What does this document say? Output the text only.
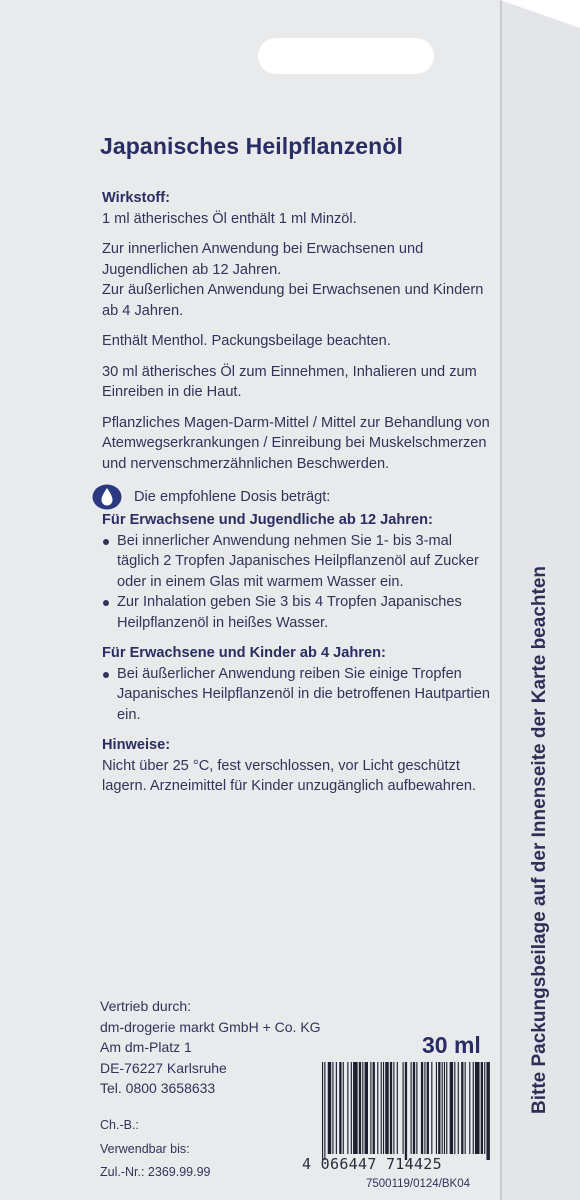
Bitte Packungsbeilage auf der Innenseite der Karte beachten
Japanisches Heilpflanzenöl

Wirkstoff:
1 ml ätherisches Öl enthält 1 ml Minzöl.

Zur innerlichen Anwendung bei Erwachsenen und Jugendlichen ab 12 Jahren.
Zur äußerlichen Anwendung bei Erwachsenen und Kindern ab 4 Jahren.

Enthält Menthol. Packungsbeilage beachten.

30 ml ätherisches Öl zum Einnehmen, Inhalieren und zum Einreiben in die Haut.

Pflanzliches Magen-Darm-Mittel / Mittel zur Behandlung von Atemwegserkrankungen / Einreibung bei Muskelschmerzen und nervenschmerzähnlichen Beschwerden.

Die empfohlene Dosis beträgt:
Für Erwachsene und Jugendliche ab 12 Jahren:
Bei innerlicher Anwendung nehmen Sie 1- bis 3-mal täglich 2 Tropfen Japanisches Heilpflanzenöl auf Zucker oder in einem Glas mit warmem Wasser ein.
Zur Inhalation geben Sie 3 bis 4 Tropfen Japanisches Heilpflanzenöl in heißes Wasser.
Für Erwachsene und Kinder ab 4 Jahren:
Bei äußerlicher Anwendung reiben Sie einige Tropfen Japanisches Heilpflanzenöl in die betroffenen Hautpartien ein.

Hinweise:
Nicht über 25 °C, fest verschlossen, vor Licht geschützt lagern. Arzneimittel für Kinder unzugänglich aufbewahren.

Vertrieb durch:
dm-drogerie markt GmbH + Co. KG
Am dm-Platz 1
DE-76227 Karlsruhe
Tel. 0800 3658633
Ch.-B.:
Verwendbar bis:
Zul.-Nr.: 2369.99.99
30 ml
4 066447 714425
7500119/0124/BK04
